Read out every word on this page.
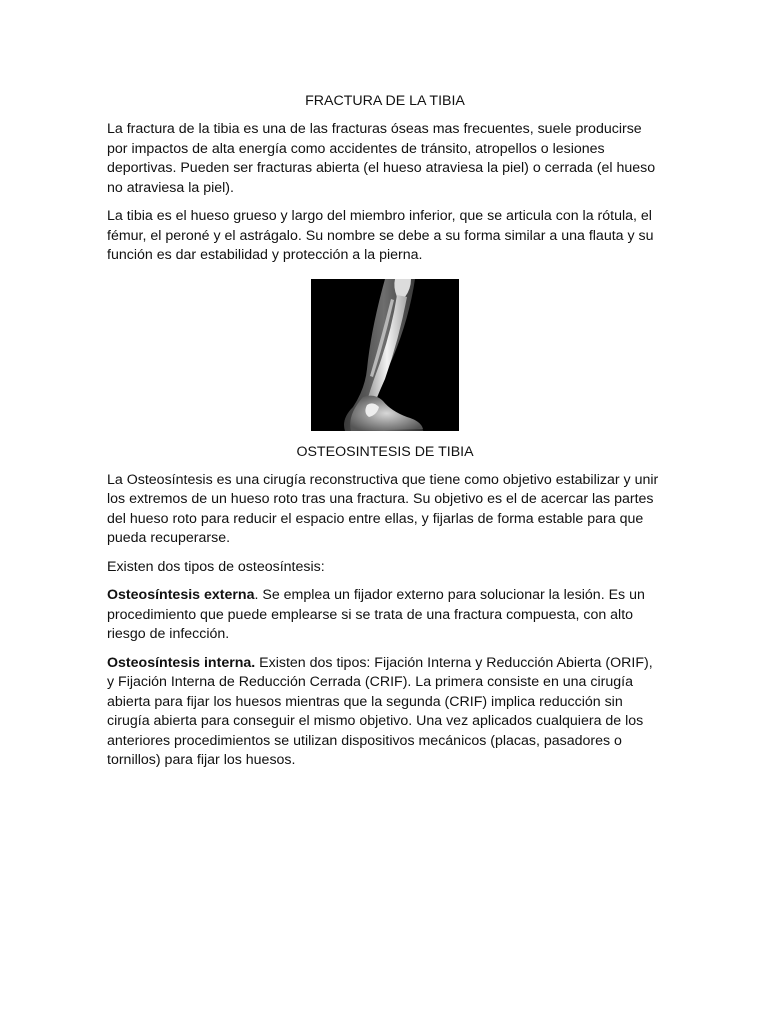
FRACTURA DE LA TIBIA

La fractura de la tibia es una de las fracturas óseas mas frecuentes, suele producirse por impactos de alta energía como accidentes de tránsito, atropellos o lesiones deportivas. Pueden ser fracturas abierta (el hueso atraviesa la piel) o cerrada (el hueso no atraviesa la piel).

La tibia es el hueso grueso y largo del miembro inferior, que se articula con la rótula, el fémur, el peroné y el astrágalo. Su nombre se debe a su forma similar a una flauta y su función es dar estabilidad y protección a la pierna.

OSTEOSINTESIS DE TIBIA

La Osteosíntesis es una cirugía reconstructiva que tiene como objetivo estabilizar y unir los extremos de un hueso roto tras una fractura. Su objetivo es el de acercar las partes del hueso roto para reducir el espacio entre ellas, y fijarlas de forma estable para que pueda recuperarse.

Existen dos tipos de osteosíntesis:

Osteosíntesis externa. Se emplea un fijador externo para solucionar la lesión. Es un procedimiento que puede emplearse si se trata de una fractura compuesta, con alto riesgo de infección.

Osteosíntesis interna. Existen dos tipos: Fijación Interna y Reducción Abierta (ORIF), y Fijación Interna de Reducción Cerrada (CRIF). La primera consiste en una cirugía abierta para fijar los huesos mientras que la segunda (CRIF) implica reducción sin cirugía abierta para conseguir el mismo objetivo. Una vez aplicados cualquiera de los anteriores procedimientos se utilizan dispositivos mecánicos (placas, pasadores o tornillos) para fijar los huesos.
